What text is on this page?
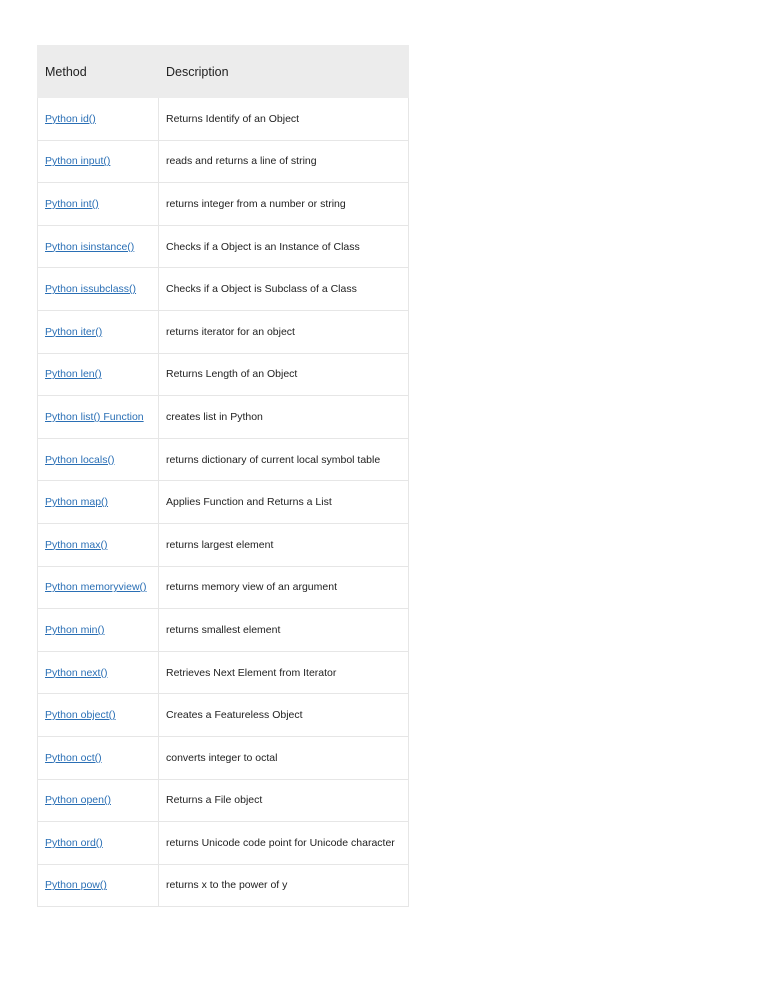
Method	Description
Python id()	Returns Identify of an Object
Python input()	reads and returns a line of string
Python int()	returns integer from a number or string
Python isinstance()	Checks if a Object is an Instance of Class
Python issubclass()	Checks if a Object is Subclass of a Class
Python iter()	returns iterator for an object
Python len()	Returns Length of an Object
Python list() Function	creates list in Python
Python locals()	returns dictionary of current local symbol table
Python map()	Applies Function and Returns a List
Python max()	returns largest element
Python memoryview()	returns memory view of an argument
Python min()	returns smallest element
Python next()	Retrieves Next Element from Iterator
Python object()	Creates a Featureless Object
Python oct()	converts integer to octal
Python open()	Returns a File object
Python ord()	returns Unicode code point for Unicode character
Python pow()	returns x to the power of y
